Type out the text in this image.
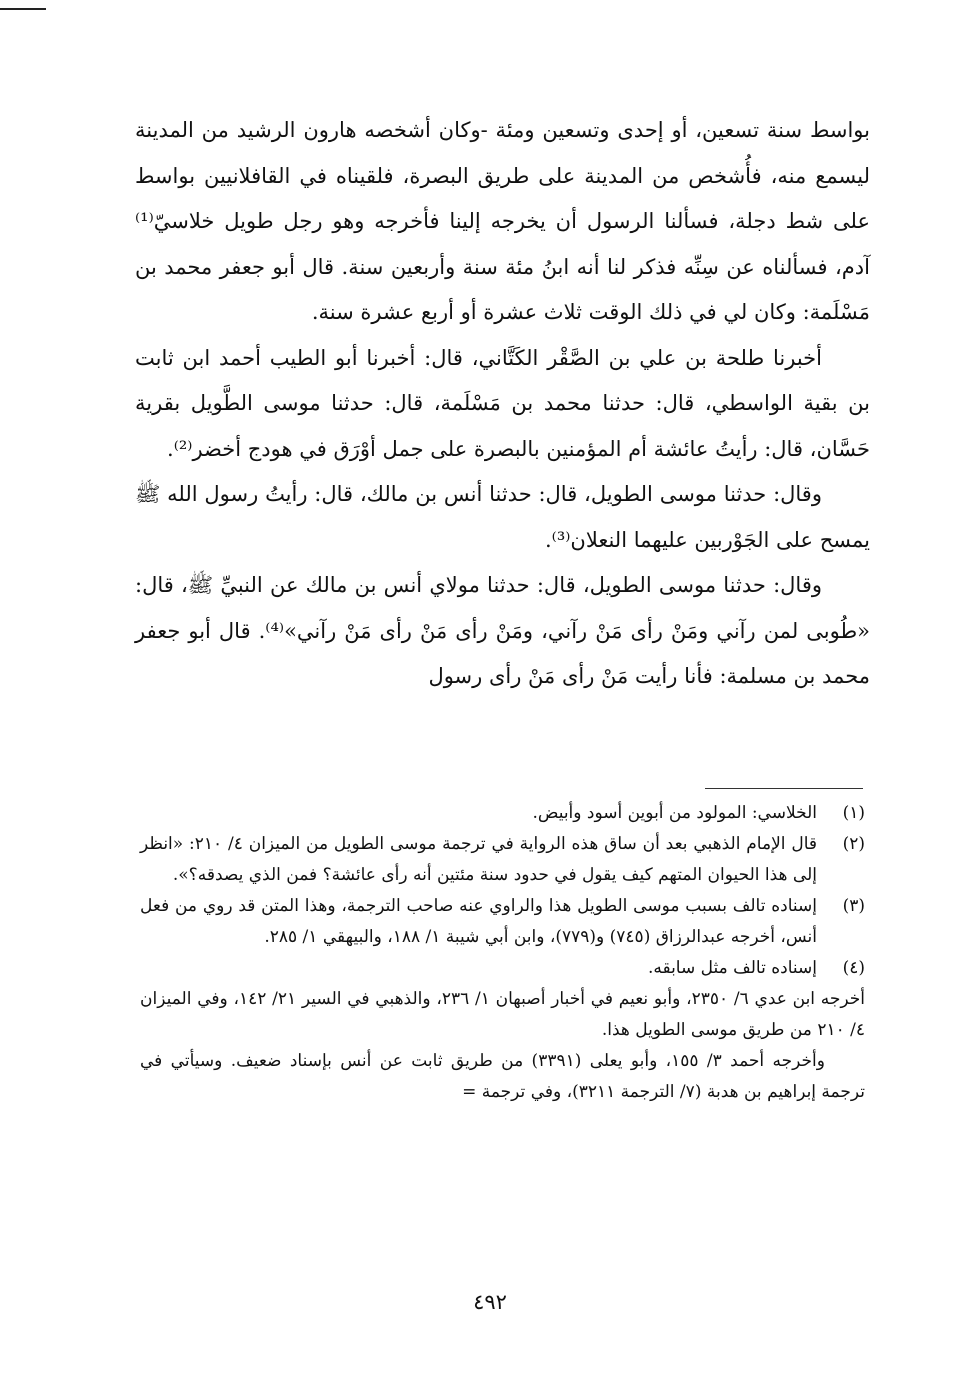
بواسط سنة تسعين، أو إحدى وتسعين ومئة -وكان أشخصه هارون الرشيد من المدينة ليسمع منه، فأُشخص من المدينة على طريق البصرة، فلقيناه في القافلانيين بواسط على شط دجلة، فسألنا الرسول أن يخرجه إلينا فأخرجه وهو رجل طويل خلاسيّ⁽¹⁾ آدم، فسألناه عن سِنِّه فذكر لنا أنه ابنُ مئة سنة وأربعين سنة. قال أبو جعفر محمد بن مَسْلَمة: وكان لي في ذلك الوقت ثلاث عشرة أو أربع عشرة سنة.

أخبرنا طلحة بن علي بن الصَّقْر الكَتَّاني، قال: أخبرنا أبو الطيب أحمد ابن ثابت بن بقية الواسطي، قال: حدثنا محمد بن مَسْلَمة، قال: حدثنا موسى الطَّويل بقرية حَسَّان، قال: رأيتُ عائشة أم المؤمنين بالبصرة على جمل أوْرَق في هودج أخضر⁽²⁾.

وقال: حدثنا موسى الطويل، قال: حدثنا أنس بن مالك، قال: رأيتُ رسول الله ﷺ يمسح على الجَوْربين عليهما النعلان⁽³⁾.

وقال: حدثنا موسى الطويل، قال: حدثنا مولاي أنس بن مالك عن النبيِّ ﷺ، قال: «طُوبى لمن رآني ومَنْ رأى مَنْ رآني، ومَنْ رأى مَنْ رأى مَنْ رآني»⁽⁴⁾. قال أبو جعفر محمد بن مسلمة: فأنا رأيت مَنْ رأى مَنْ رأى رسول

(١)
الخلاسي: المولود من أبوين أسود وأبيض.
(٢)
قال الإمام الذهبي بعد أن ساق هذه الرواية في ترجمة موسى الطويل من الميزان ٤/ ٢١٠: «انظر إلى هذا الحيوان المتهم كيف يقول في حدود سنة مئتين أنه رأى عائشة؟ فمن الذي يصدقه؟».
(٣)
إسناده تالف بسبب موسى الطويل هذا والراوي عنه صاحب الترجمة، وهذا المتن قد روي من فعل أنس، أخرجه عبدالرزاق (٧٤٥) و(٧٧٩)، وابن أبي شيبة ١/ ١٨٨، والبيهقي ١/ ٢٨٥.
(٤)
إسناده تالف مثل سابقه.

أخرجه ابن عدي ٦/ ٢٣٥٠، وأبو نعيم في أخبار أصبهان ١/ ٢٣٦، والذهبي في السير ٢١/ ١٤٢، وفي الميزان ٤/ ٢١٠ من طريق موسى الطويل هذا.

وأخرجه أحمد ٣/ ١٥٥، وأبو يعلى (٣٣٩١) من طريق ثابت عن أنس بإسناد ضعيف. وسيأتي في ترجمة إبراهيم بن هدبة (٧/ الترجمة ٣٢١١)، وفي ترجمة =

٤٩٢
